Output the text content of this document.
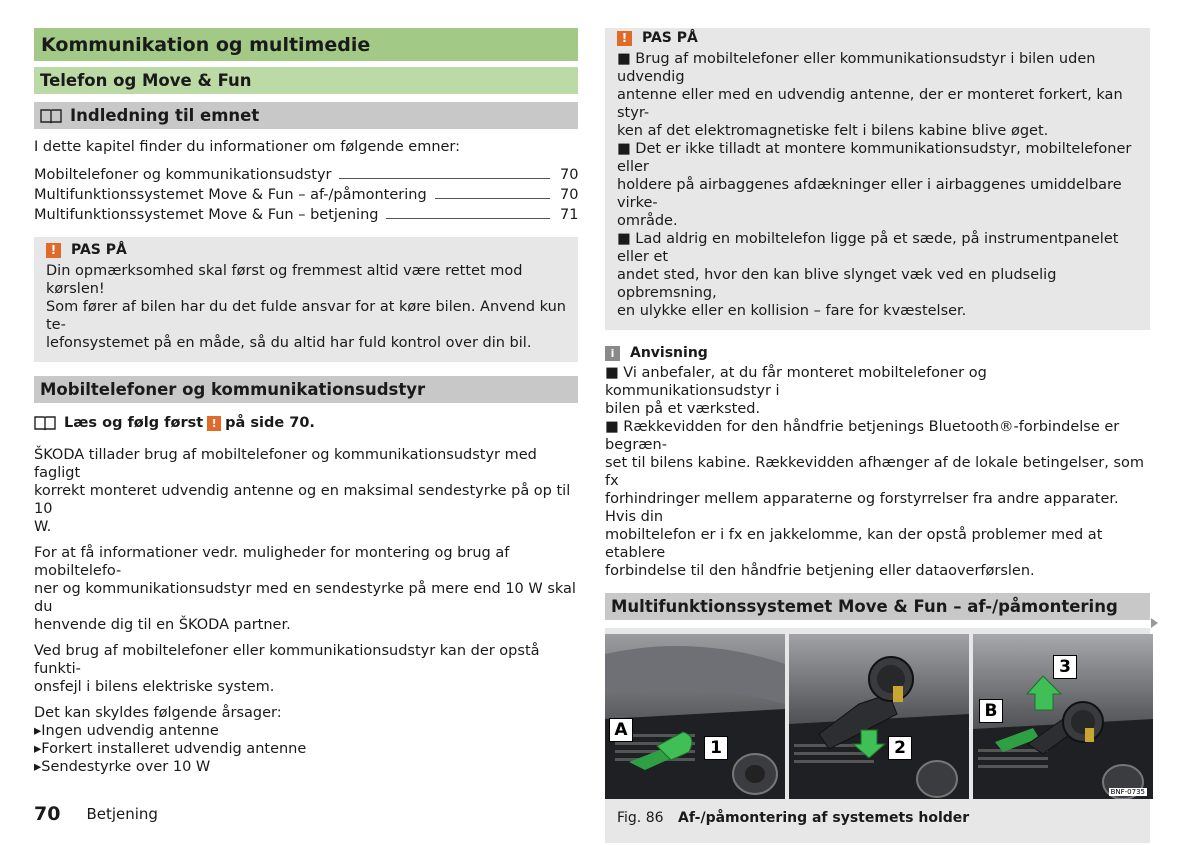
Kommunikation og multimedie
Telefon og Move & Fun
Indledning til emnet

I dette kapitel finder du informationer om følgende emner:

Mobiltelefoner og kommunikationsudstyr	70
Multifunktionssystemet Move & Fun – af-/påmontering	70
Multifunktionssystemet Move & Fun – betjening	71
!	PAS PÅ

Din opmærksomhed skal først og fremmest altid være rettet mod kørslen!

Som fører af bilen har du det fulde ansvar for at køre bilen. Anvend kun te-

lefonsystemet på en måde, så du altid har fuld kontrol over din bil.

Mobiltelefoner og kommunikationsudstyr
Læs og følg først ! på side 70.

ŠKODA tillader brug af mobiltelefoner og kommunikationsudstyr med fagligt

korrekt monteret udvendig antenne og en maksimal sendestyrke på op til 10

W.

For at få informationer vedr. muligheder for montering og brug af mobiltelefo-

ner og kommunikationsudstyr med en sendestyrke på mere end 10 W skal du

henvende dig til en ŠKODA partner.

Ved brug af mobiltelefoner eller kommunikationsudstyr kan der opstå funkti-

onsfejl i bilens elektriske system.

Det kan skyldes følgende årsager:

▸Ingen udvendig antenne

▸Forkert installeret udvendig antenne

▸Sendestyrke over 10 W

!	PAS PÅ

■ Brug af mobiltelefoner eller kommunikationsudstyr i bilen uden udvendig

antenne eller med en udvendig antenne, der er monteret forkert, kan styr-

ken af det elektromagnetiske felt i bilens kabine blive øget.

■ Det er ikke tilladt at montere kommunikationsudstyr, mobiltelefoner eller

holdere på airbaggenes afdækninger eller i airbaggenes umiddelbare virke-

område.

■ Lad aldrig en mobiltelefon ligge på et sæde, på instrumentpanelet eller et

andet sted, hvor den kan blive slynget væk ved en pludselig opbremsning,

en ulykke eller en kollision – fare for kvæstelser.

i	Anvisning

■ Vi anbefaler, at du får monteret mobiltelefoner og kommunikationsudstyr i

bilen på et værksted.

■ Rækkevidden for den håndfrie betjenings Bluetooth®-forbindelse er begræn-

set til bilens kabine. Rækkevidden afhænger af de lokale betingelser, som fx

forhindringer mellem apparaterne og forstyrrelser fra andre apparater. Hvis din

mobiltelefon er i fx en jakkelomme, kan der opstå problemer med at etablere

forbindelse til den håndfrie betjening eller dataoverførslen.

Multifunktionssystemet Move & Fun – af-/påmontering
A
1	2
B
3
BNF-0735
Fig. 86 Af-/påmontering af systemets holder
70 Betjening
